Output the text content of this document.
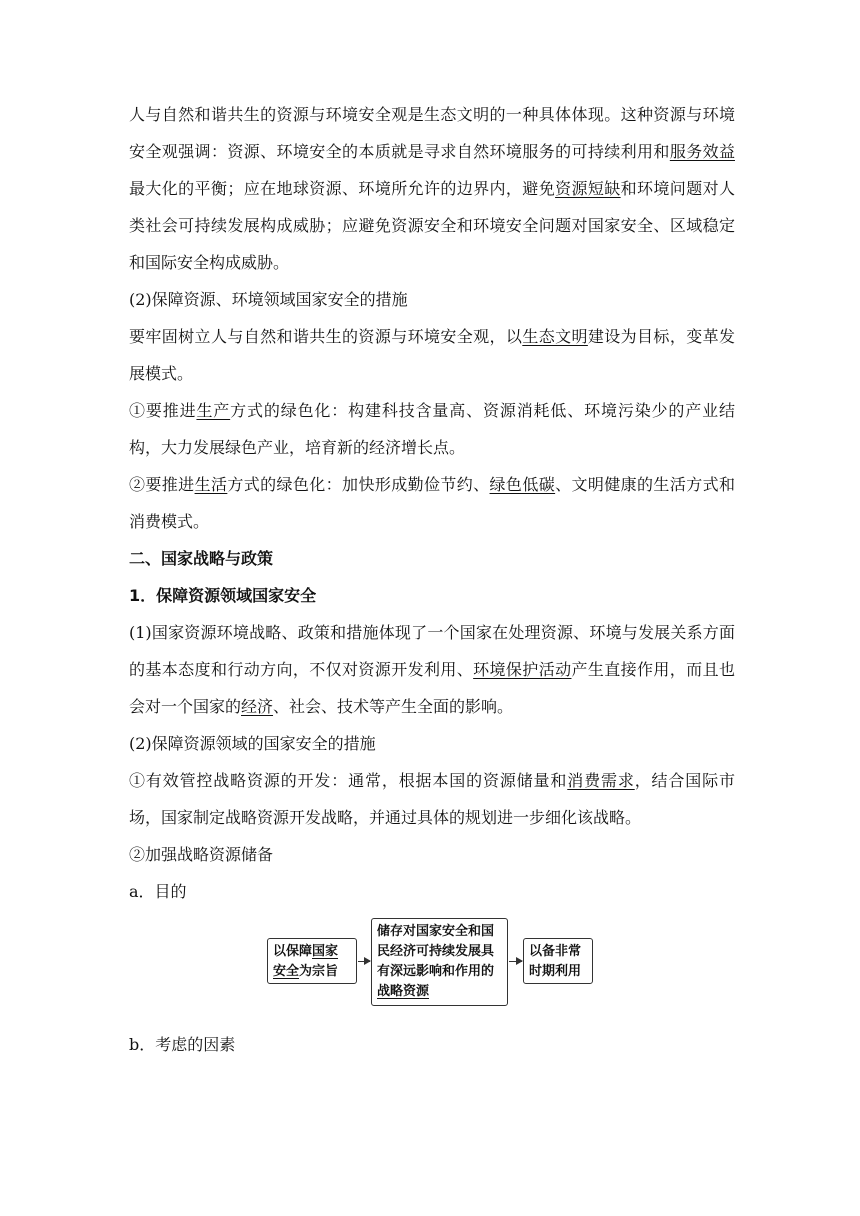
人与自然和谐共生的资源与环境安全观是生态文明的一种具体体现。这种资源与环境安全观强调：资源、环境安全的本质就是寻求自然环境服务的可持续利用和服务效益最大化的平衡；应在地球资源、环境所允许的边界内，避免资源短缺和环境问题对人类社会可持续发展构成威胁；应避免资源安全和环境安全问题对国家安全、区域稳定和国际安全构成威胁。

(2)保障资源、环境领域国家安全的措施

要牢固树立人与自然和谐共生的资源与环境安全观，以生态文明建设为目标，变革发展模式。

①要推进生产方式的绿色化：构建科技含量高、资源消耗低、环境污染少的产业结构，大力发展绿色产业，培育新的经济增长点。

②要推进生活方式的绿色化：加快形成勤俭节约、绿色低碳、文明健康的生活方式和消费模式。

二、国家战略与政策

1．保障资源领域国家安全

(1)国家资源环境战略、政策和措施体现了一个国家在处理资源、环境与发展关系方面的基本态度和行动方向，不仅对资源开发利用、环境保护活动产生直接作用，而且也会对一个国家的经济、社会、技术等产生全面的影响。

(2)保障资源领域的国家安全的措施

①有效管控战略资源的开发：通常，根据本国的资源储量和消费需求，结合国际市场，国家制定战略资源开发战略，并通过具体的规划进一步细化该战略。

②加强战略资源储备

a．目的

以保障国家
安全为宗旨
储存对国家安全和国民经济可持续发展具有深远影响和作用的战略资源
以备非常时期利用

b．考虑的因素
